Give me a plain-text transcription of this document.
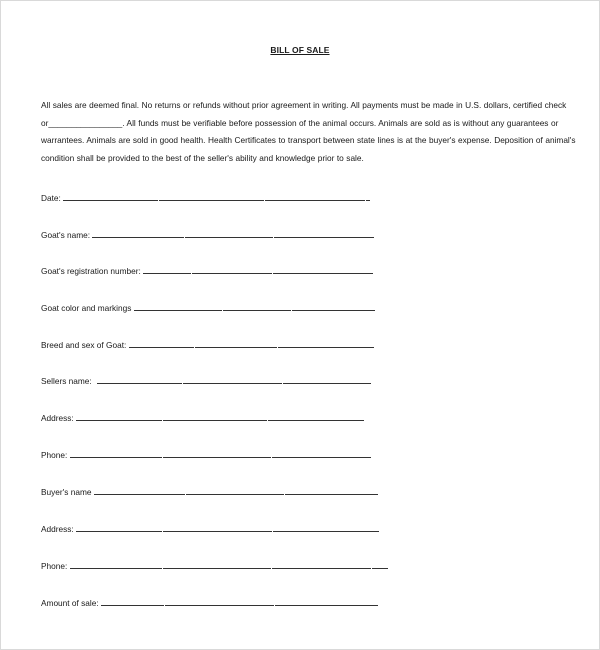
BILL OF SALE
All sales are deemed final. No returns or refunds without prior agreement in writing. All payments must be made in U.S. dollars, certified check
or________________. All funds must be verifiable before possession of the animal occurs. Animals are sold as is without any guarantees or
warrantees. Animals are sold in good health. Health Certificates to transport between state lines is at the buyer's expense. Deposition of animal's
condition shall be provided to the best of the seller's ability and knowledge prior to sale.
Date:
Goat's name:
Goat's registration number:
Goat color and markings
Breed and sex of Goat:
Sellers name:
Address:
Phone:
Buyer's name
Address:
Phone:
Amount of sale:
